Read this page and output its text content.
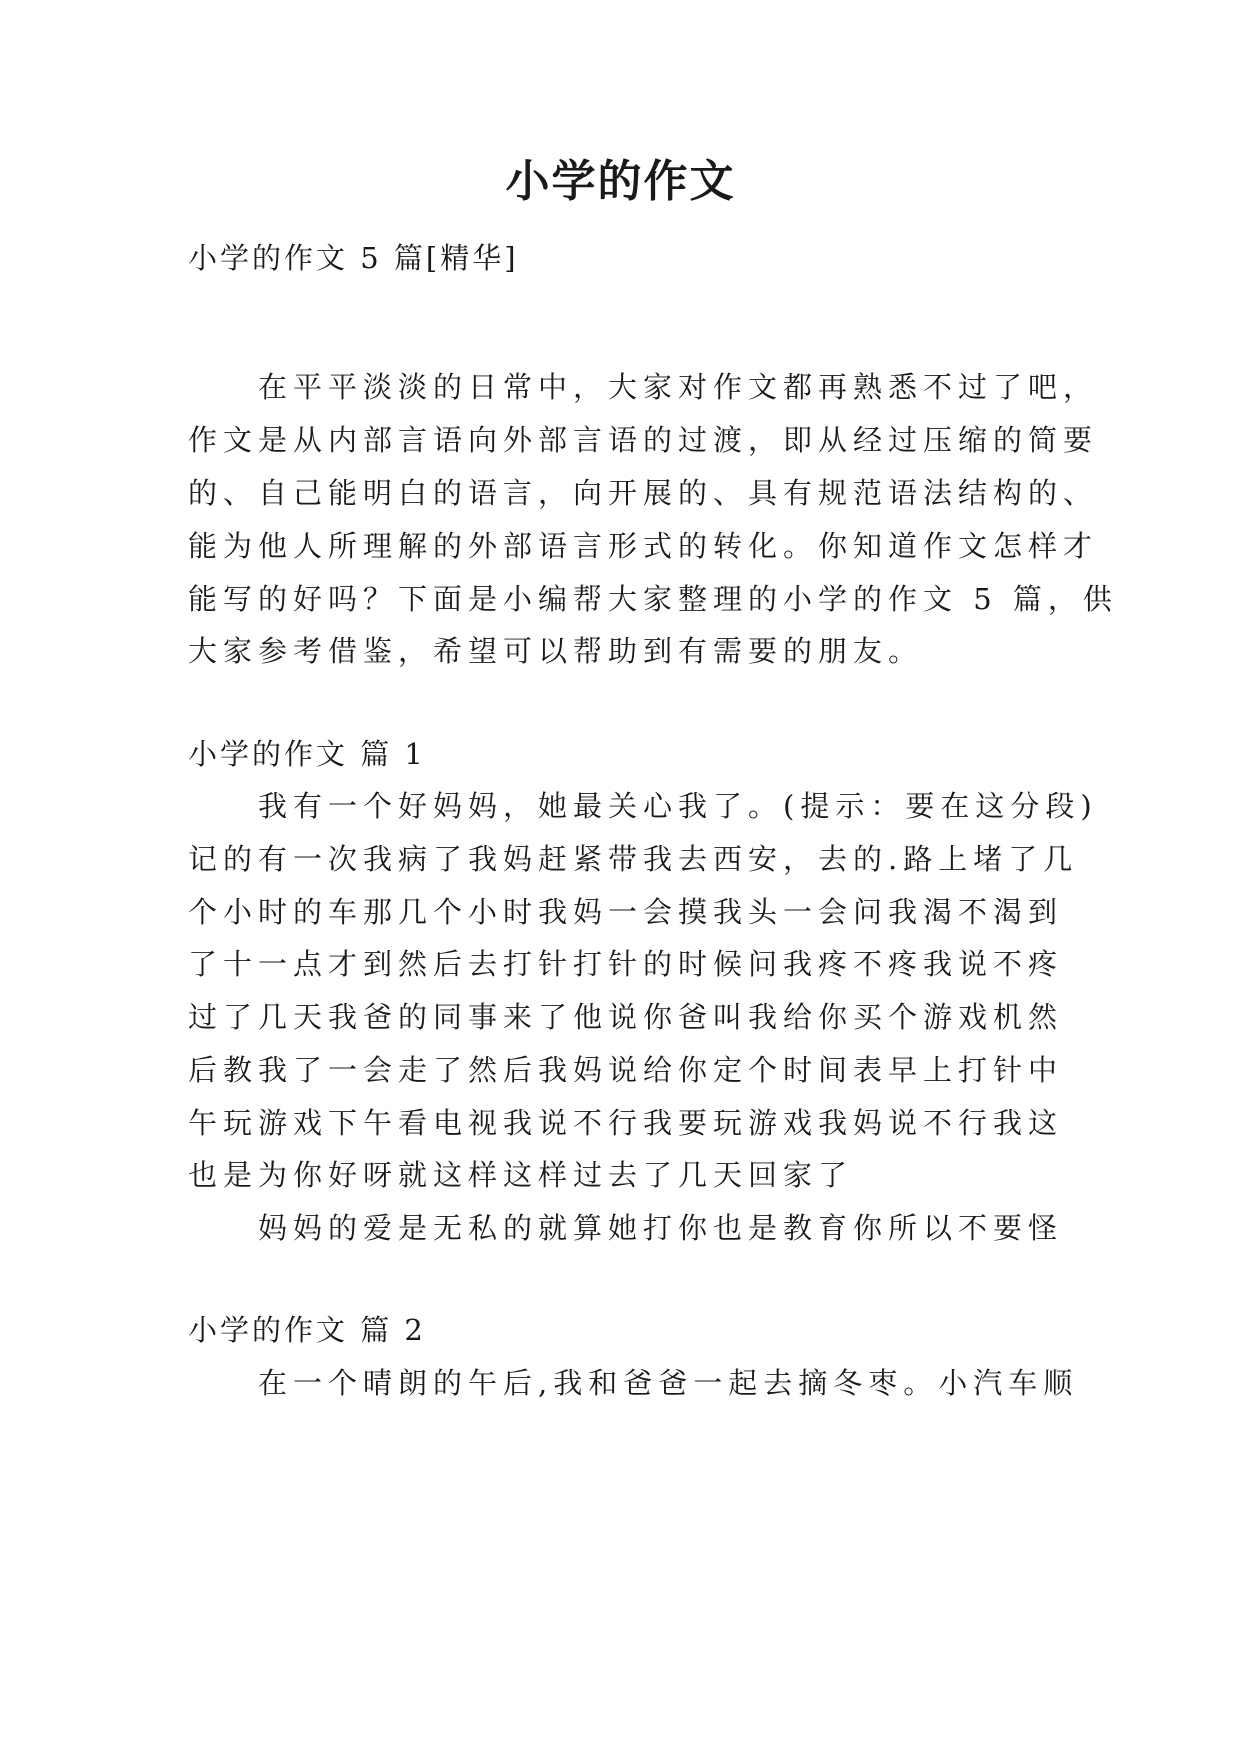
小学的作文

小学的作文 5 篇[精华]

在平平淡淡的日常中，大家对作文都再熟悉不过了吧，

作文是从内部言语向外部言语的过渡，即从经过压缩的简要

的、自己能明白的语言，向开展的、具有规范语法结构的、

能为他人所理解的外部语言形式的转化。你知道作文怎样才

能写的好吗？下面是小编帮大家整理的小学的作文 5 篇，供

大家参考借鉴，希望可以帮助到有需要的朋友。

小学的作文 篇 1

我有一个好妈妈，她最关心我了。(提示：要在这分段)

记的有一次我病了我妈赶紧带我去西安，去的.路上堵了几

个小时的车那几个小时我妈一会摸我头一会问我渴不渴到

了十一点才到然后去打针打针的时候问我疼不疼我说不疼

过了几天我爸的同事来了他说你爸叫我给你买个游戏机然

后教我了一会走了然后我妈说给你定个时间表早上打针中

午玩游戏下午看电视我说不行我要玩游戏我妈说不行我这

也是为你好呀就这样这样过去了几天回家了

妈妈的爱是无私的就算她打你也是教育你所以不要怪

小学的作文 篇 2

在一个晴朗的午后,我和爸爸一起去摘冬枣。小汽车顺
